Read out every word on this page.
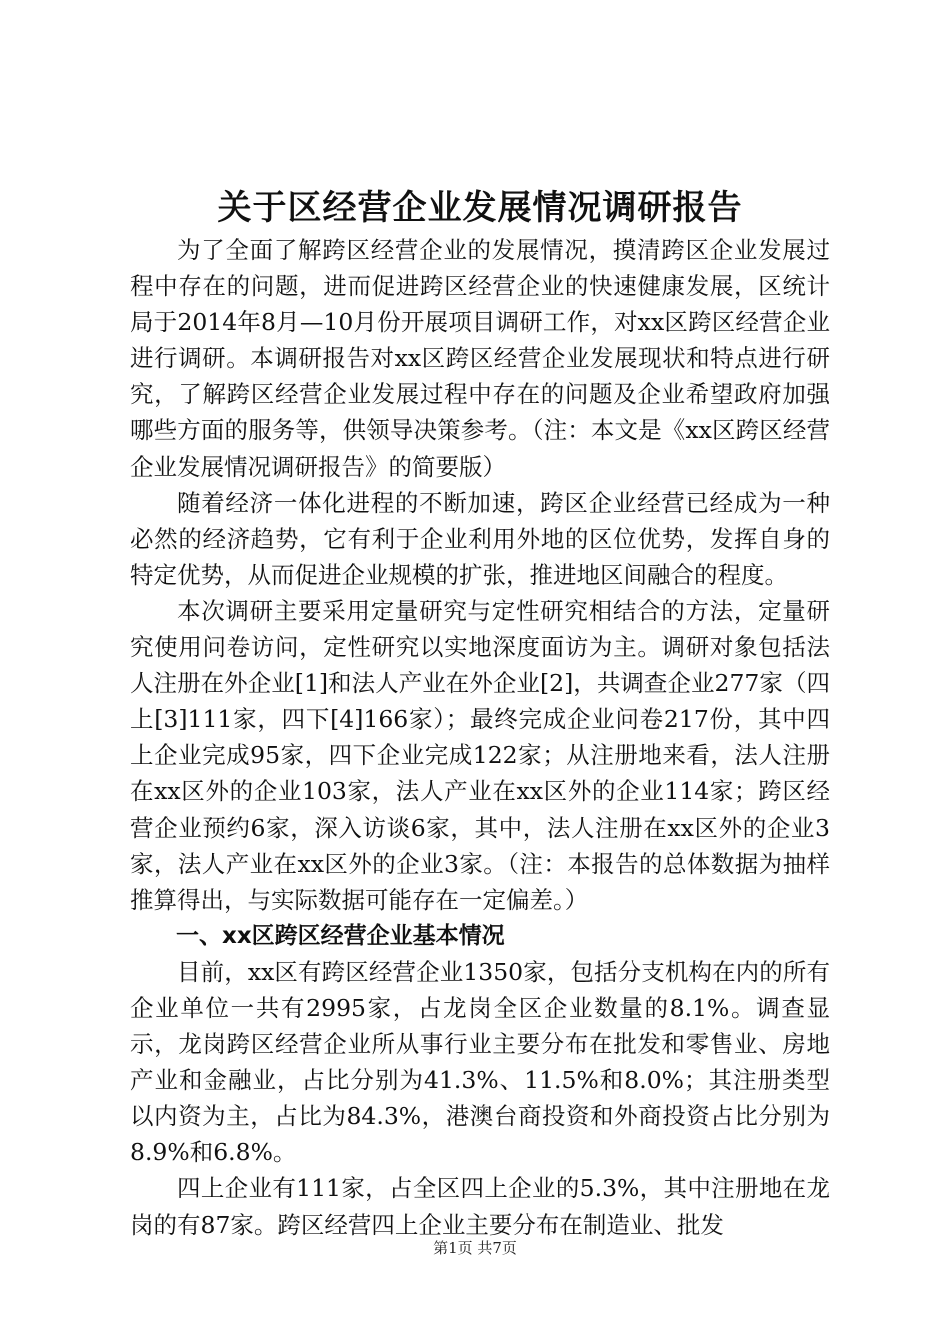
关于区经营企业发展情况调研报告

为了全面了解跨区经营企业的发展情况，摸清跨区企业发展过程中存在的问题，进而促进跨区经营企业的快速健康发展，区统计局于2014年8月—10月份开展项目调研工作，对xx区跨区经营企业进行调研。本调研报告对xx区跨区经营企业发展现状和特点进行研究，了解跨区经营企业发展过程中存在的问题及企业希望政府加强哪些方面的服务等，供领导决策参考。（注：本文是《xx区跨区经营企业发展情况调研报告》的简要版）

随着经济一体化进程的不断加速，跨区企业经营已经成为一种必然的经济趋势，它有利于企业利用外地的区位优势，发挥自身的特定优势，从而促进企业规模的扩张，推进地区间融合的程度。

本次调研主要采用定量研究与定性研究相结合的方法，定量研究使用问卷访问，定性研究以实地深度面访为主。调研对象包括法人注册在外企业[1]和法人产业在外企业[2]，共调查企业277家（四上[3]111家，四下[4]166家）；最终完成企业问卷217份，其中四上企业完成95家，四下企业完成122家；从注册地来看，法人注册在xx区外的企业103家，法人产业在xx区外的企业114家；跨区经营企业预约6家，深入访谈6家，其中，法人注册在xx区外的企业3家，法人产业在xx区外的企业3家。（注：本报告的总体数据为抽样推算得出，与实际数据可能存在一定偏差。）

一、xx区跨区经营企业基本情况

目前，xx区有跨区经营企业1350家，包括分支机构在内的所有企业单位一共有2995家，占龙岗全区企业数量的8.1%。调查显示，龙岗跨区经营企业所从事行业主要分布在批发和零售业、房地产业和金融业，占比分别为41.3%、11.5%和8.0%；其注册类型以内资为主，占比为84.3%，港澳台商投资和外商投资占比分别为8.9%和6.8%。

四上企业有111家，占全区四上企业的5.3%，其中注册地在龙岗的有87家。跨区经营四上企业主要分布在制造业、批发

第1页 共7页
